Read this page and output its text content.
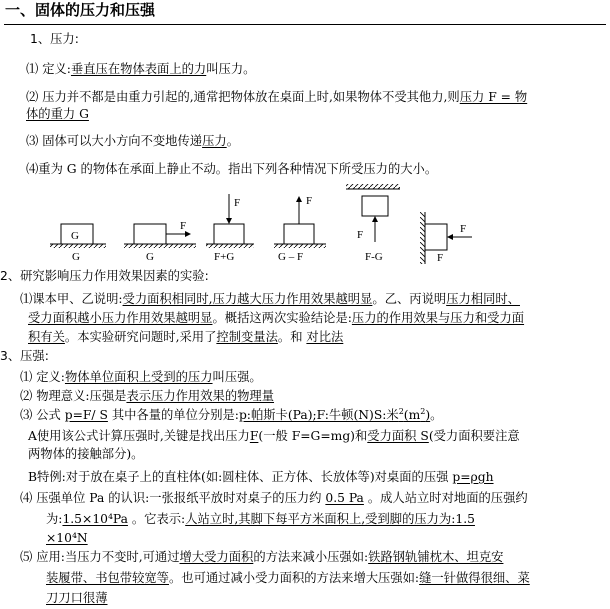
一、固体的压力和压强
1、压力:
⑴ 定义:垂直压在物体表面上的力叫压力。
⑵ 压力并不都是由重力引起的,通常把物体放在桌面上时,如果物体不受其他力,则压力 F = 物
体的重力 G
⑶ 固体可以大小方向不变地传递压力。
⑷重为 G 的物体在承面上静止不动。指出下列各种情况下所受压力的大小。
G
G
F
G
F
F+G
F
G – F
F
F-G
F
F
2、研究影响压力作用效果因素的实验:
⑴课本甲、乙说明:受力面积相同时,压力越大压力作用效果越明显。乙、丙说明压力相同时、
受力面积越小压力作用效果越明显。概括这两次实验结论是:压力的作用效果与压力和受力面
积有关。本实验研究问题时,采用了控制变量法。和 对比法
3、压强:
⑴ 定义:物体单位面积上受到的压力叫压强。
⑵ 物理意义:压强是表示压力作用效果的物理量
⑶ 公式 p=F/ S 其中各量的单位分别是:p:帕斯卡(Pa);F:牛顿(N)S:米$^2(m^2)$。
A使用该公式计算压强时,关键是找出压力F(一般 F=G=mg)和受力面积 S(受力面积要注意
两物体的接触部分)。
B特例:对于放在桌子上的直柱体(如:圆柱体、正方体、长放体等)对桌面的压强 p=ρgh
⑷ 压强单位 Pa 的认识:一张报纸平放时对桌子的压力约 0.5 Pa 。成人站立时对地面的压强约
为:1.5×10⁴Pa 。它表示:人站立时,其脚下每平方米面积上,受到脚的压力为:1.5
×10⁴N
⑸ 应用:当压力不变时,可通过增大受力面积的方法来减小压强如:铁路钢轨铺枕木、坦克安
装履带、书包带较宽等。也可通过减小受力面积的方法来增大压强如:缝一针做得很细、菜
刀刀口很薄
